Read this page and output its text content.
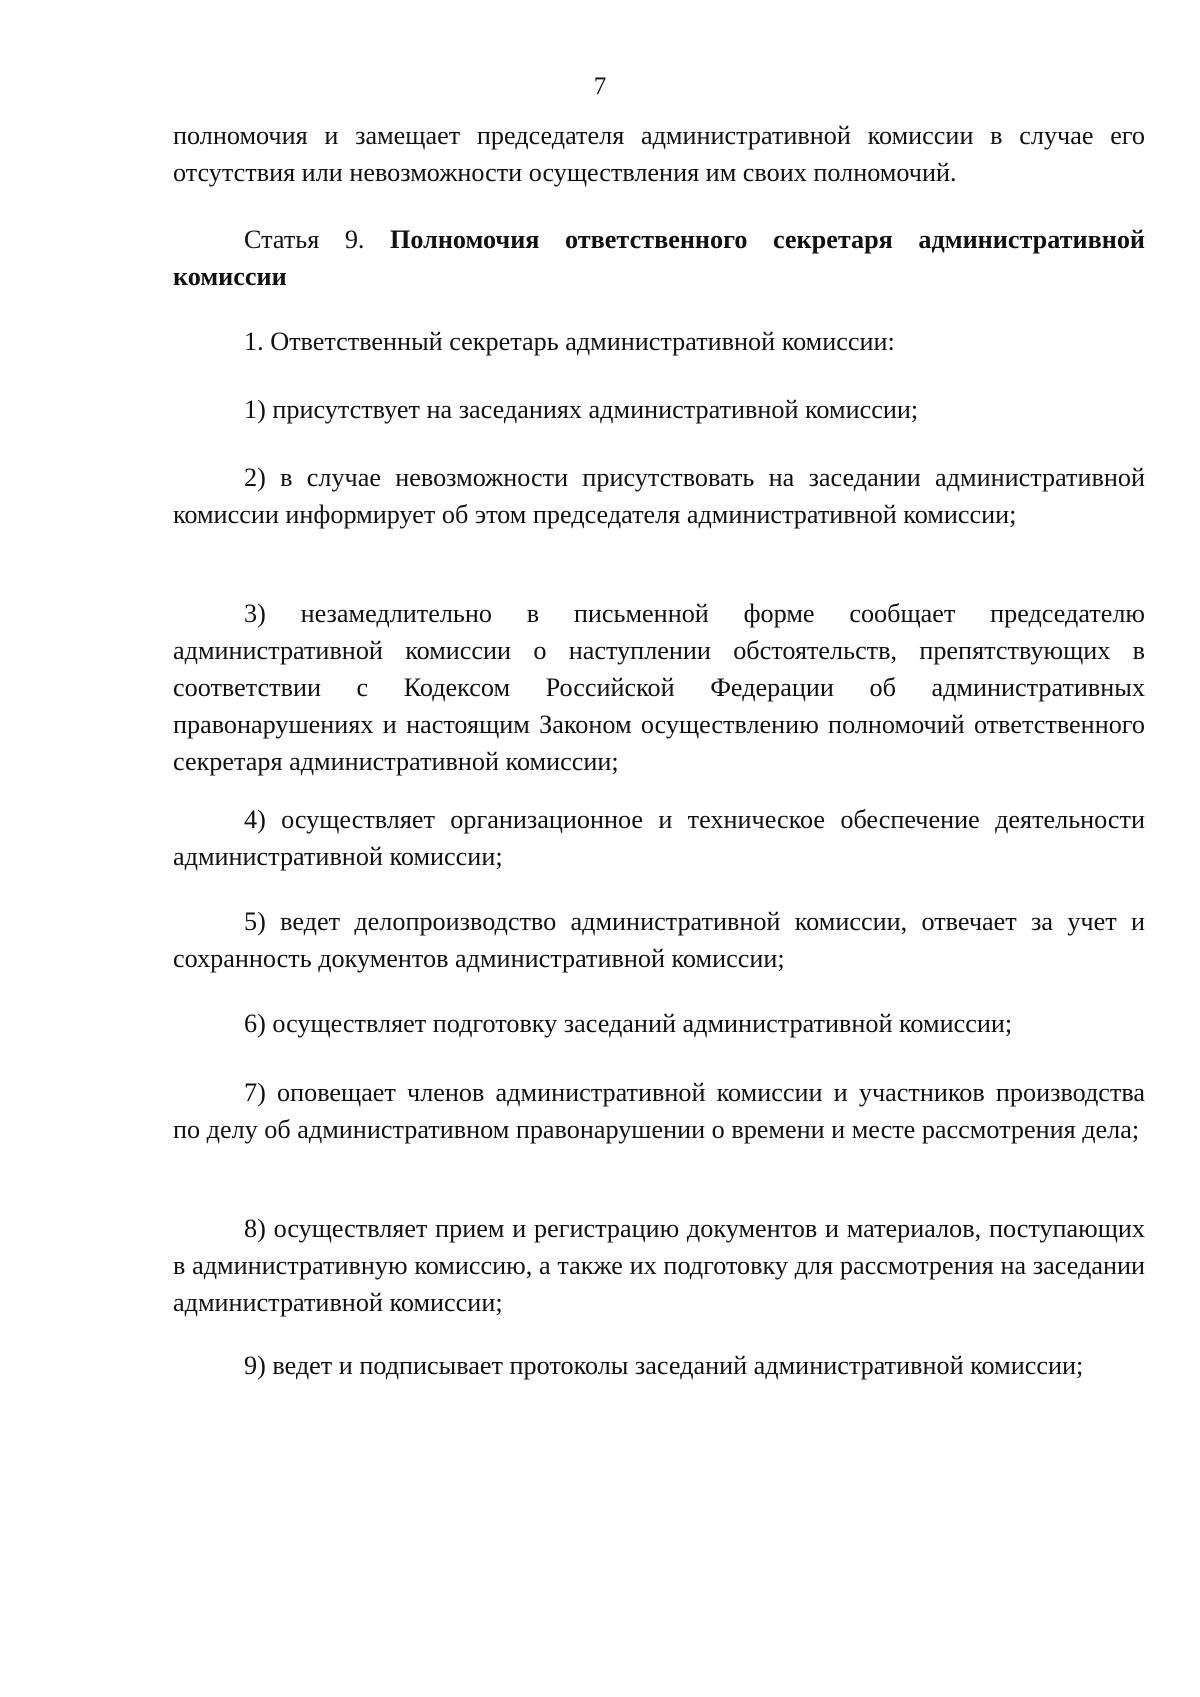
7

полномочия и замещает председателя административной комиссии в случае его отсутствия или невозможности осуществления им своих полномочий.

Статья 9. Полномочия ответственного секретаря административной комиссии

1. Ответственный секретарь административной комиссии:

1) присутствует на заседаниях административной комиссии;

2) в случае невозможности присутствовать на заседании административной комиссии информирует об этом председателя административной комиссии;

3) незамедлительно в письменной форме сообщает председателю административной комиссии о наступлении обстоятельств, препятствующих в соответствии с Кодексом Российской Федерации об административных правонарушениях и настоящим Законом осуществлению полномочий ответственного секретаря административной комиссии;

4) осуществляет организационное и техническое обеспечение деятельности административной комиссии;

5) ведет делопроизводство административной комиссии, отвечает за учет и сохранность документов административной комиссии;

6) осуществляет подготовку заседаний административной комиссии;

7) оповещает членов административной комиссии и участников производства по делу об административном правонарушении о времени и месте рассмотрения дела;

8) осуществляет прием и регистрацию документов и материалов, поступающих в административную комиссию, а также их подготовку для рассмотрения на заседании административной комиссии;

9) ведет и подписывает протоколы заседаний административной комиссии;
